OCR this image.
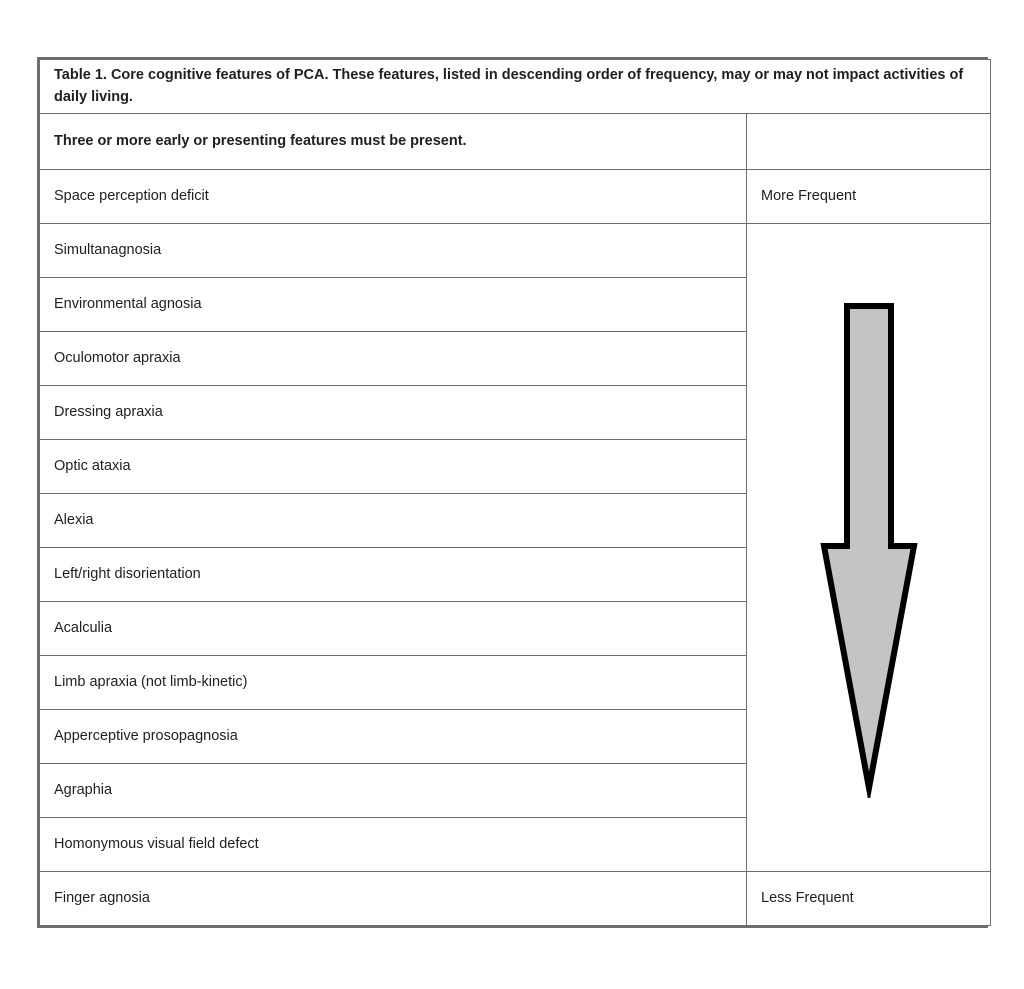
Table 1. Core cognitive features of PCA. These features, listed in descending order of frequency, may or may not impact activities of daily living.	
Three or more early or presenting features must be present.	
Space perception deficit	More Frequent
Simultanagnosia	

Environmental agnosia	
Oculomotor apraxia	
Dressing apraxia	
Optic ataxia	
Alexia	
Left/right disorientation	
Acalculia	
Limb apraxia (not limb-kinetic)	
Apperceptive prosopagnosia	
Agraphia	
Homonymous visual field defect	
Finger agnosia	Less Frequent
